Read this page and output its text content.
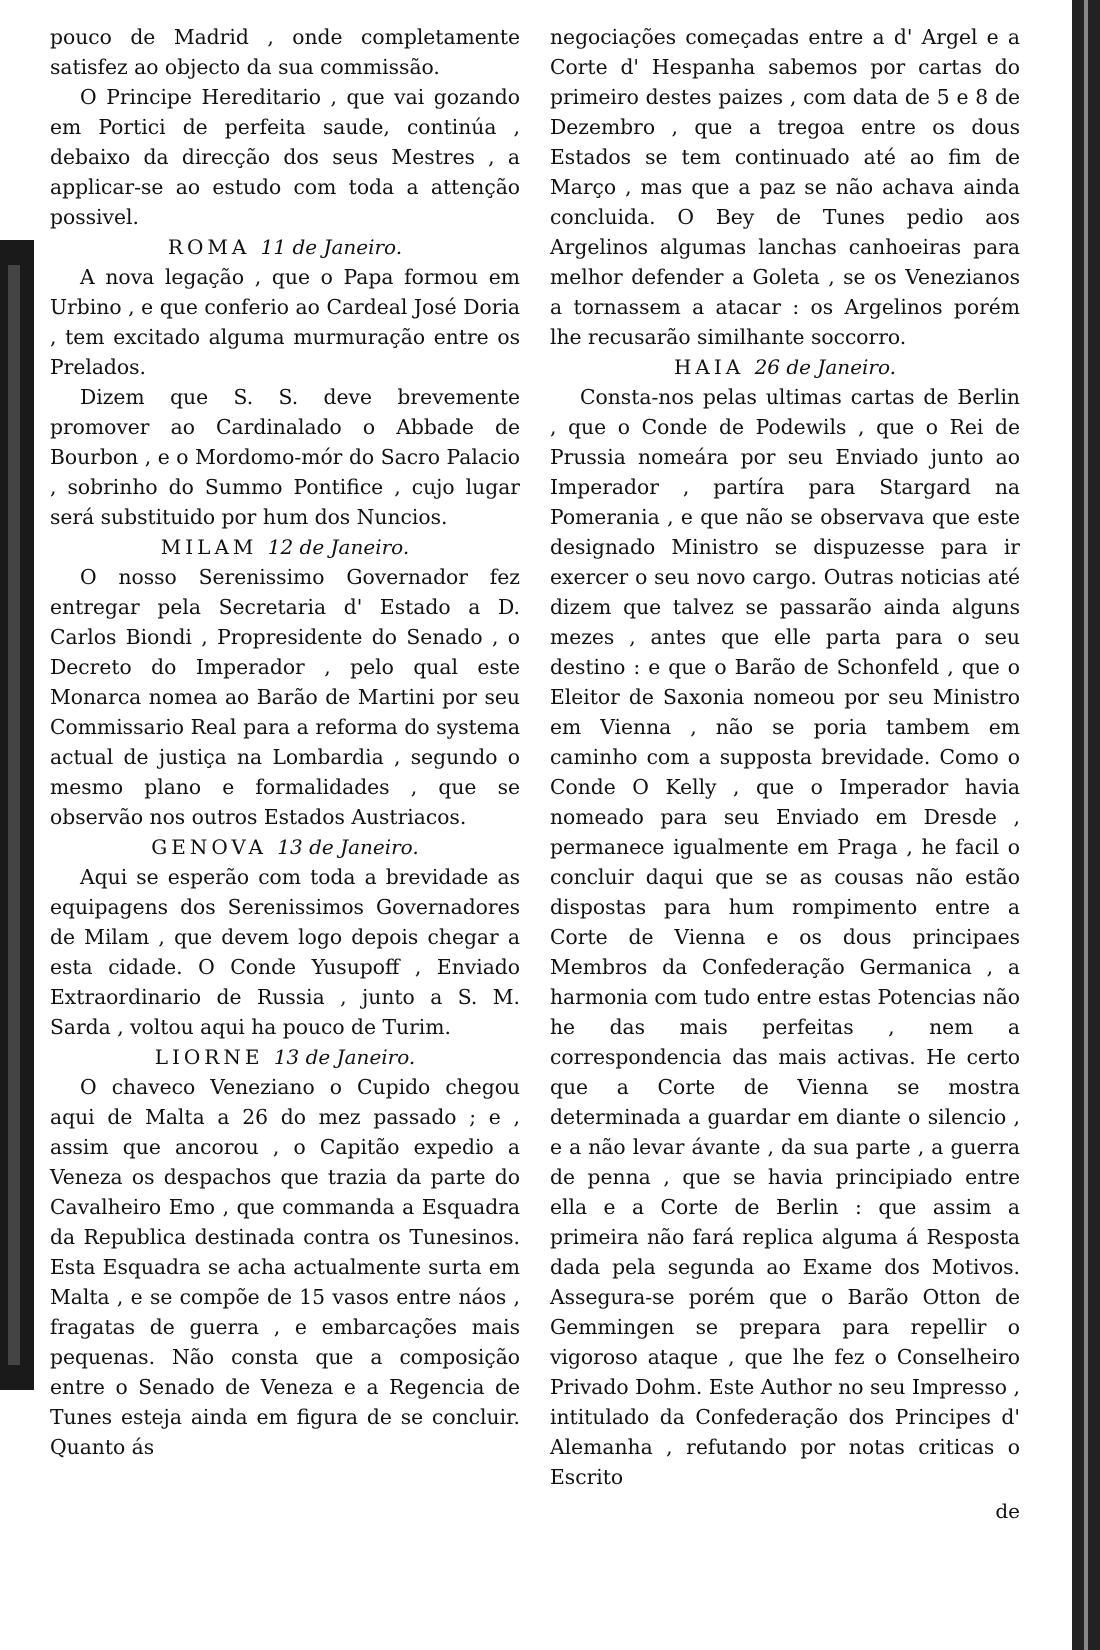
pouco de Madrid , onde completamente satisfez ao objecto da sua commissão.

O Principe Hereditario , que vai gozando em Portici de perfeita saude, continúa , debaixo da direcção dos seus Mestres , a applicar-se ao estudo com toda a attenção possivel.

ROMA 11 de Janeiro.

A nova legação , que o Papa formou em Urbino , e que conferio ao Cardeal José Doria , tem excitado alguma murmuração entre os Prelados.

Dizem que S. S. deve brevemente promover ao Cardinalado o Abbade de Bourbon , e o Mordomo-mór do Sacro Palacio , sobrinho do Summo Pontifice , cujo lugar será substituido por hum dos Nuncios.

MILAM 12 de Janeiro.

O nosso Serenissimo Governador fez entregar pela Secretaria d' Estado a D. Carlos Biondi , Propresidente do Senado , o Decreto do Imperador , pelo qual este Monarca nomea ao Barão de Martini por seu Commissario Real para a reforma do systema actual de justiça na Lombardia , segundo o mesmo plano e formalidades , que se observão nos outros Estados Austriacos.

GENOVA 13 de Janeiro.

Aqui se esperão com toda a brevidade as equipagens dos Serenissimos Governadores de Milam , que devem logo depois chegar a esta cidade. O Conde Yusupoff , Enviado Extraordinario de Russia , junto a S. M. Sarda , voltou aqui ha pouco de Turim.

LIORNE 13 de Janeiro.

O chaveco Veneziano o Cupido chegou aqui de Malta a 26 do mez passado ; e , assim que ancorou , o Capitão expedio a Veneza os despachos que trazia da parte do Cavalheiro Emo , que commanda a Esquadra da Republica destinada contra os Tunesinos. Esta Esquadra se acha actualmente surta em Malta , e se compõe de 15 vasos entre náos , fragatas de guerra , e embarcações mais pequenas. Não consta que a composição entre o Senado de Veneza e a Regencia de Tunes esteja ainda em figura de se concluir. Quanto ás

negociações começadas entre a d' Argel e a Corte d' Hespanha sabemos por cartas do primeiro destes paizes , com data de 5 e 8 de Dezembro , que a tregoa entre os dous Estados se tem continuado até ao fim de Março , mas que a paz se não achava ainda concluida. O Bey de Tunes pedio aos Argelinos algumas lanchas canhoeiras para melhor defender a Goleta , se os Venezianos a tornassem a atacar : os Argelinos porém lhe recusarão similhante soccorro.

HAIA 26 de Janeiro.

Consta-nos pelas ultimas cartas de Berlin , que o Conde de Podewils , que o Rei de Prussia nomeára por seu Enviado junto ao Imperador , partíra para Stargard na Pomerania , e que não se observava que este designado Ministro se dispuzesse para ir exercer o seu novo cargo. Outras noticias até dizem que talvez se passarão ainda alguns mezes , antes que elle parta para o seu destino : e que o Barão de Schonfeld , que o Eleitor de Saxonia nomeou por seu Ministro em Vienna , não se poria tambem em caminho com a supposta brevidade. Como o Conde O Kelly , que o Imperador havia nomeado para seu Enviado em Dresde , permanece igualmente em Praga , he facil o concluir daqui que se as cousas não estão dispostas para hum rompimento entre a Corte de Vienna e os dous principaes Membros da Confederação Germanica , a harmonia com tudo entre estas Potencias não he das mais perfeitas , nem a correspondencia das mais activas. He certo que a Corte de Vienna se mostra determinada a guardar em diante o silencio , e a não levar ávante , da sua parte , a guerra de penna , que se havia principiado entre ella e a Corte de Berlin : que assim a primeira não fará replica alguma á Resposta dada pela segunda ao Exame dos Motivos. Assegura-se porém que o Barão Otton de Gemmingen se prepara para repellir o vigoroso ataque , que lhe fez o Conselheiro Privado Dohm. Este Author no seu Impresso , intitulado da Confederação dos Principes d' Alemanha , refutando por notas criticas o Escrito

de
